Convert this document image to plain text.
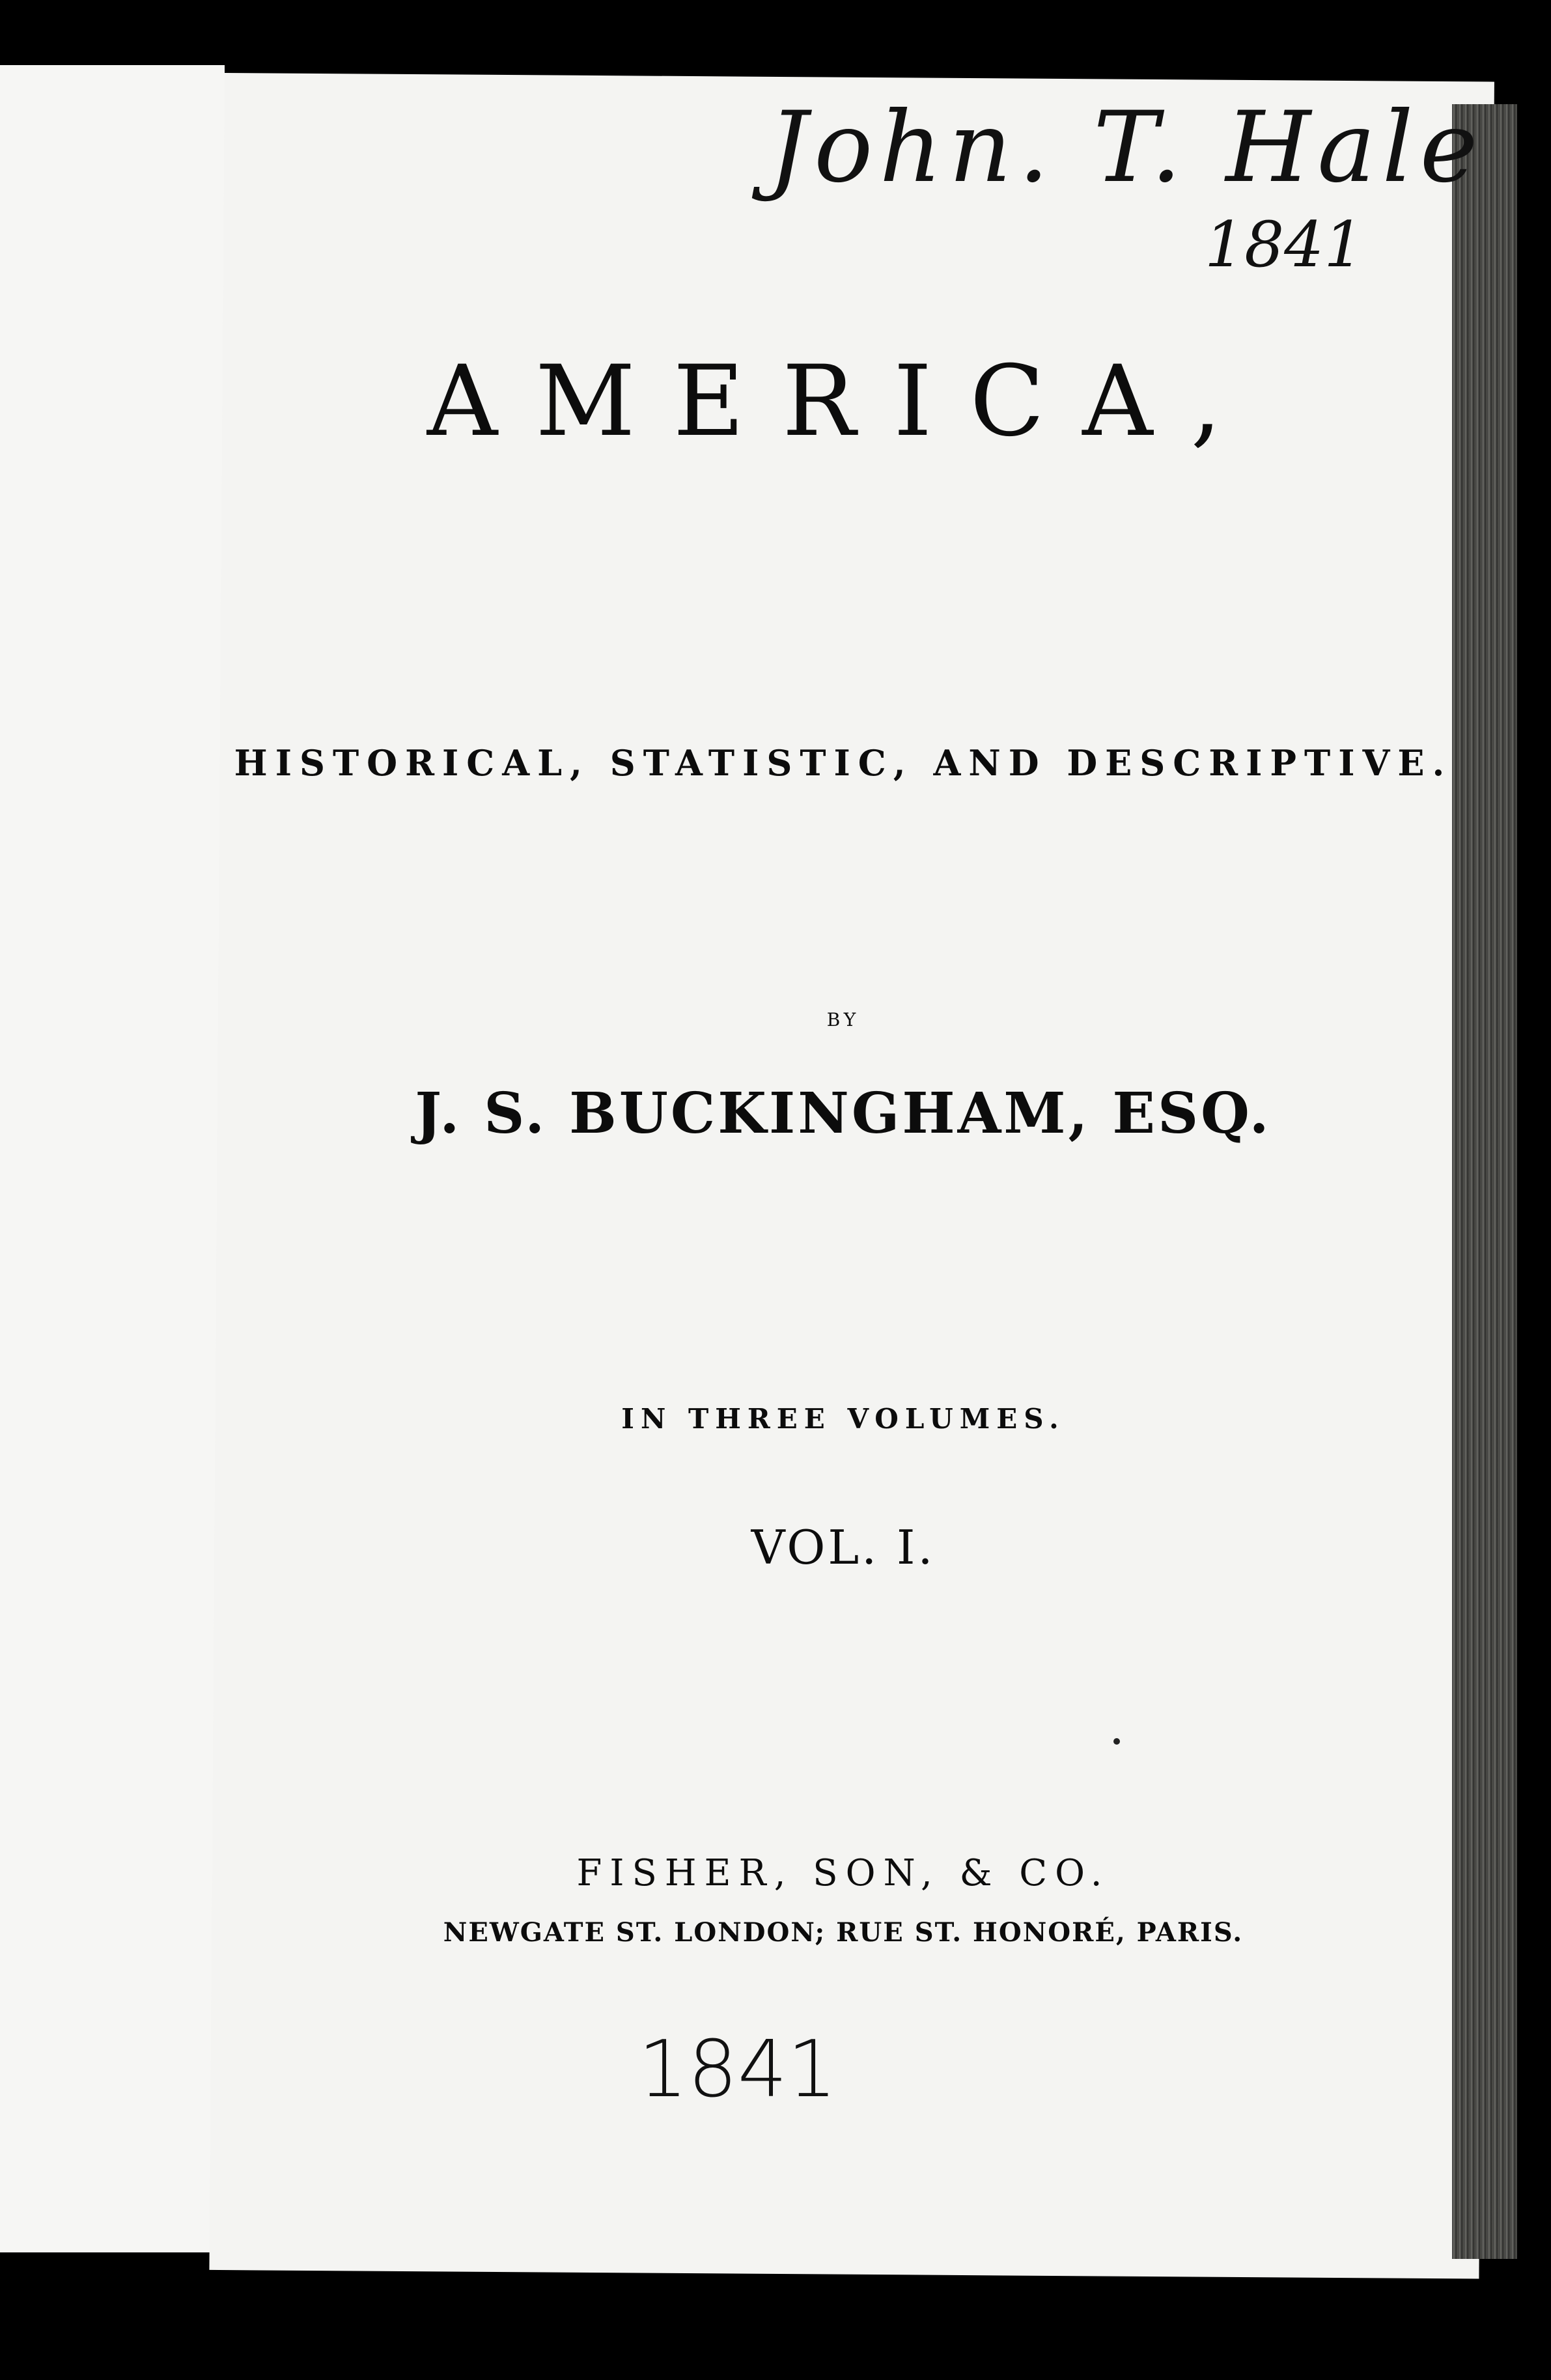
John. T. Hale
1841
AMERICA,
HISTORICAL, STATISTIC, AND DESCRIPTIVE.
BY
J. S. BUCKINGHAM, ESQ.
IN THREE VOLUMES.
VOL. I.
FISHER, SON, & CO.
NEWGATE ST. LONDON; RUE ST. HONORÉ, PARIS.
1841
